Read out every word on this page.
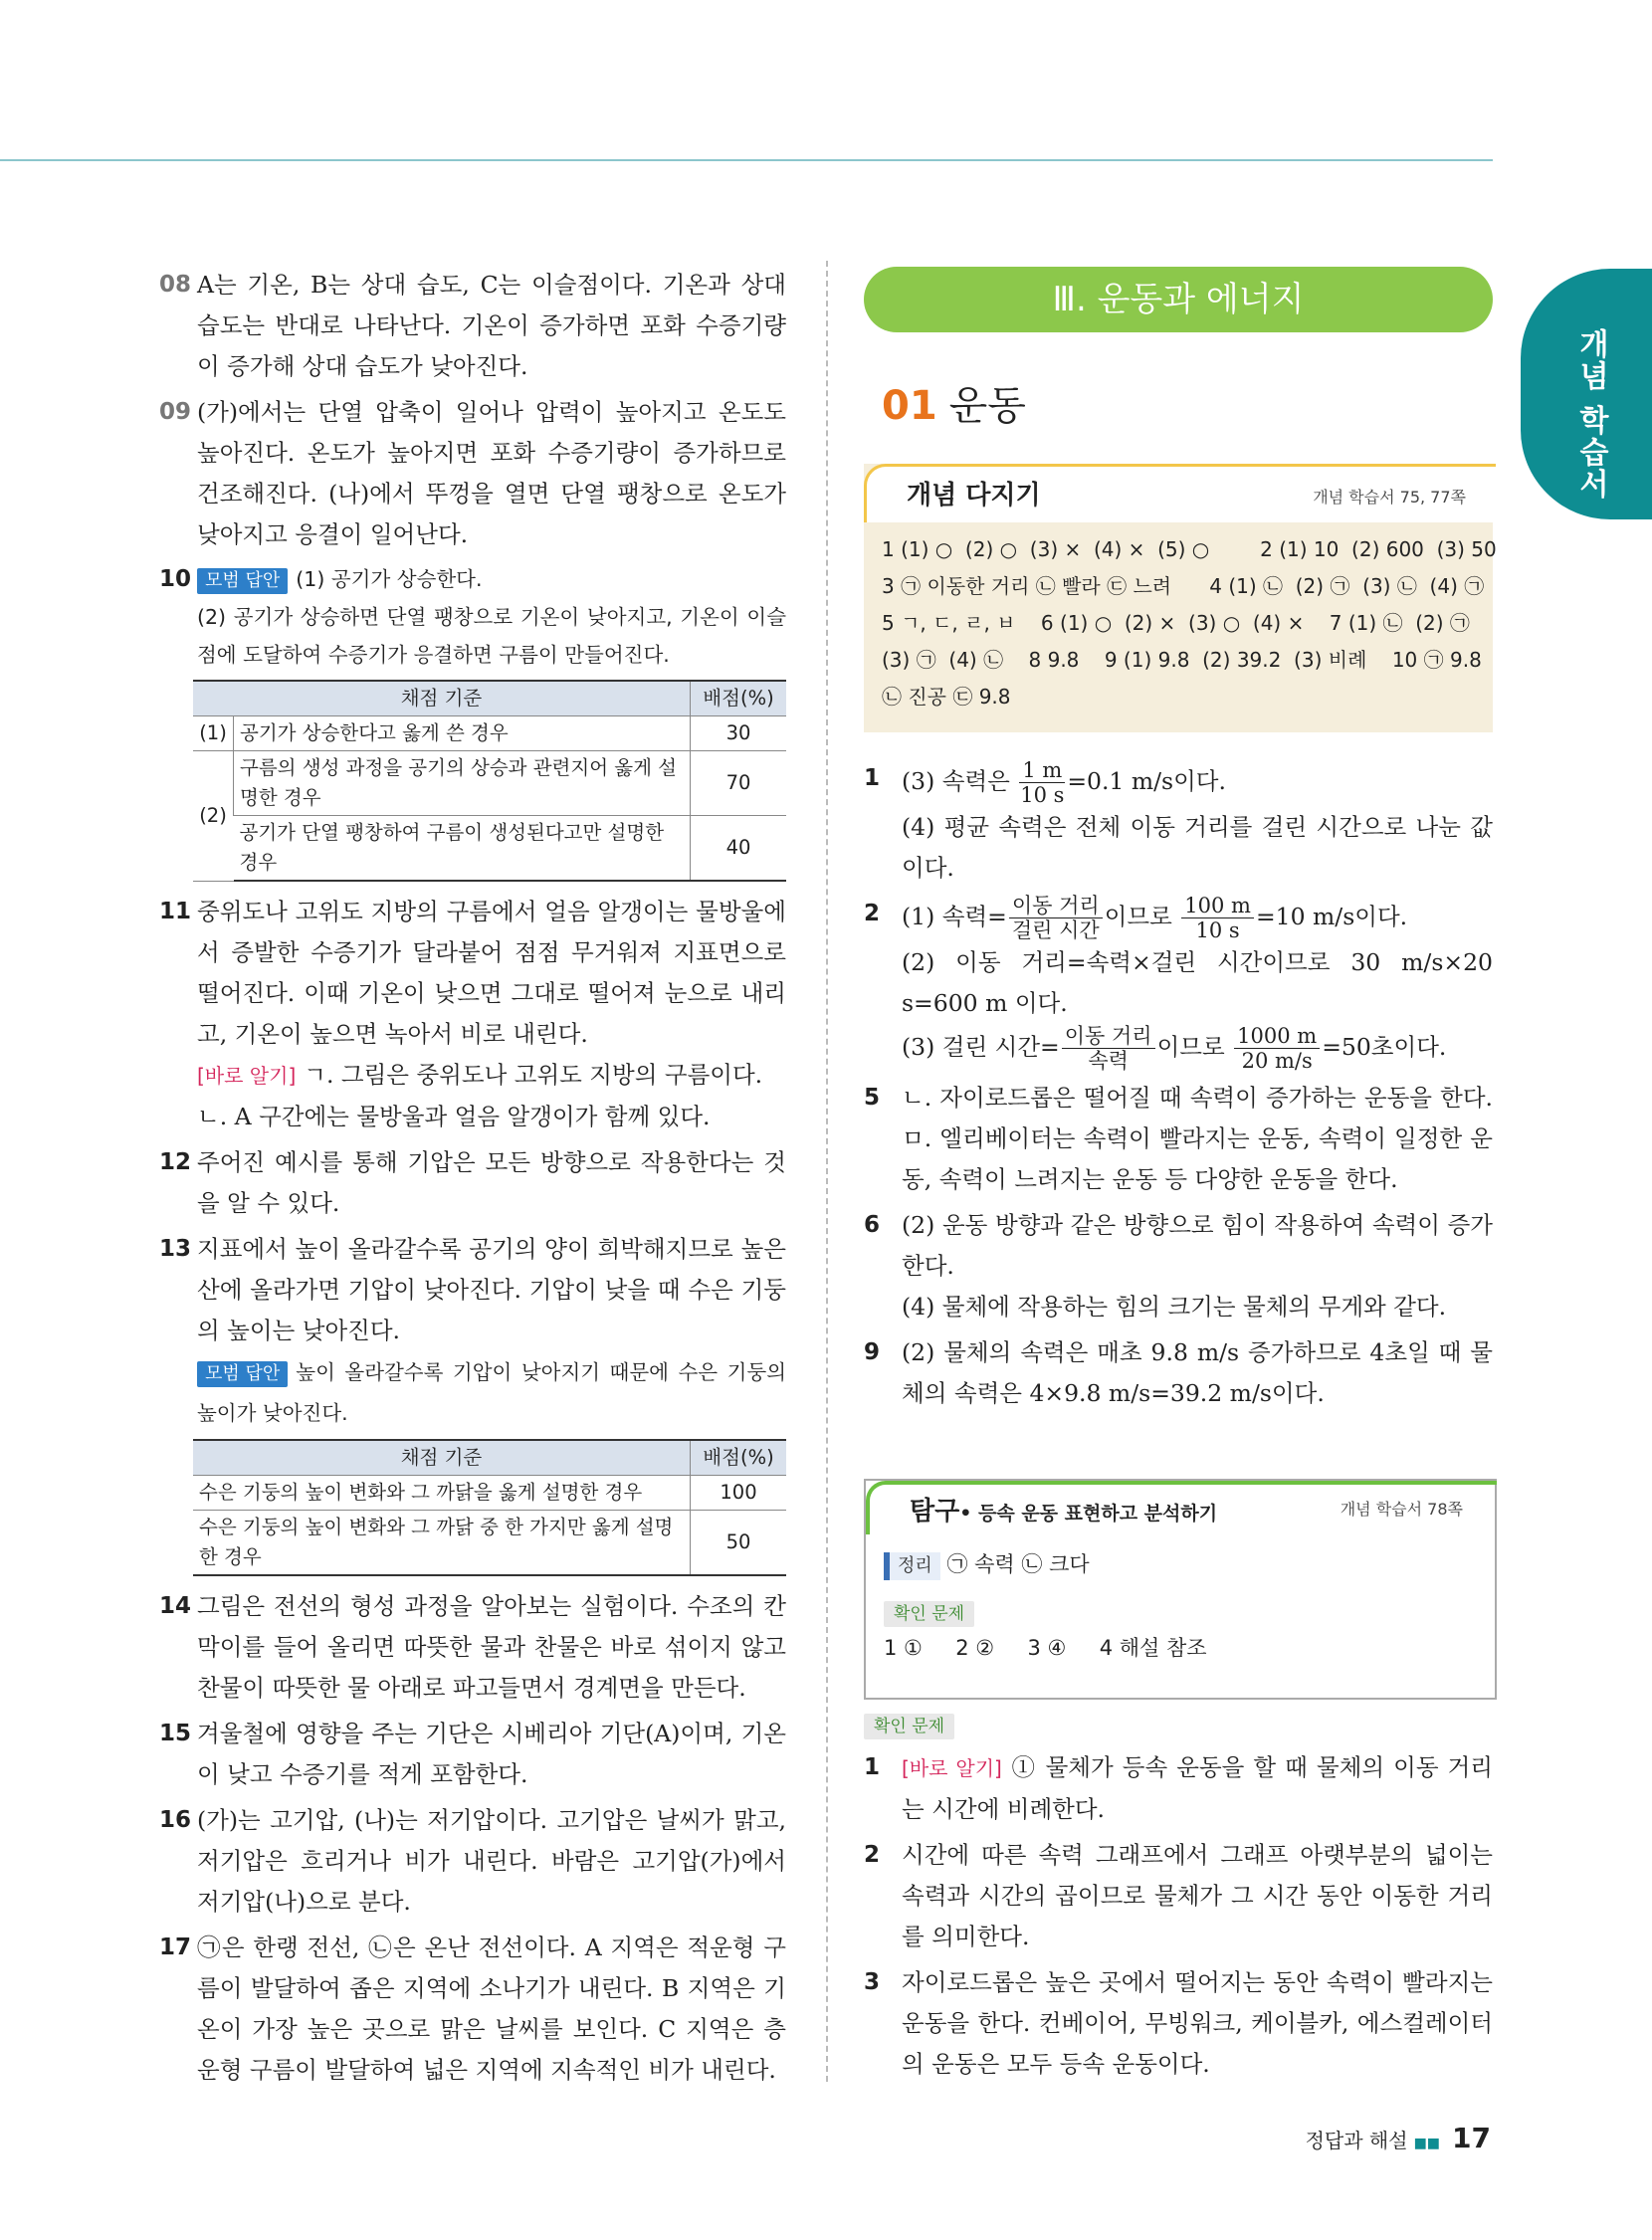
개념 학습서
08 A는 기온, B는 상대 습도, C는 이슬점이다. 기온과 상대 습도는 반대로 나타난다. 기온이 증가하면 포화 수증기량이 증가해 상대 습도가 낮아진다.
09 (가)에서는 단열 압축이 일어나 압력이 높아지고 온도도 높아진다. 온도가 높아지면 포화 수증기량이 증가하므로 건조해진다. (나)에서 뚜껑을 열면 단열 팽창으로 온도가 낮아지고 응결이 일어난다.
10 모범 답안 (1) 공기가 상승한다.

(2) 공기가 상승하면 단열 팽창으로 기온이 낮아지고, 기온이 이슬점에 도달하여 수증기가 응결하면 구름이 만들어진다.
채점 기준		배점(%)
(1)	공기가 상승한다고 옳게 쓴 경우	30
(2)	구름의 생성 과정을 공기의 상승과 관련지어 옳게 설명한 경우	70
	공기가 단열 팽창하여 구름이 생성된다고만 설명한 경우	40
11 중위도나 고위도 지방의 구름에서 얼음 알갱이는 물방울에서 증발한 수증기가 달라붙어 점점 무거워져 지표면으로 떨어진다. 이때 기온이 낮으면 그대로 떨어져 눈으로 내리고, 기온이 높으면 녹아서 비로 내린다.
[바로 알기] ㄱ. 그림은 중위도나 고위도 지방의 구름이다.
ㄴ. A 구간에는 물방울과 얼음 알갱이가 함께 있다.
12 주어진 예시를 통해 기압은 모든 방향으로 작용한다는 것을 알 수 있다.
13 지표에서 높이 올라갈수록 공기의 양이 희박해지므로 높은 산에 올라가면 기압이 낮아진다. 기압이 낮을 때 수은 기둥의 높이는 낮아진다.
모범 답안 높이 올라갈수록 기압이 낮아지기 때문에 수은 기둥의 높이가 낮아진다.
채점 기준	배점(%)
수은 기둥의 높이 변화와 그 까닭을 옳게 설명한 경우	100
수은 기둥의 높이 변화와 그 까닭 중 한 가지만 옳게 설명한 경우	50
14 그림은 전선의 형성 과정을 알아보는 실험이다. 수조의 칸막이를 들어 올리면 따뜻한 물과 찬물은 바로 섞이지 않고 찬물이 따뜻한 물 아래로 파고들면서 경계면을 만든다.
15 겨울철에 영향을 주는 기단은 시베리아 기단(A)이며, 기온이 낮고 수증기를 적게 포함한다.
16 (가)는 고기압, (나)는 저기압이다. 고기압은 날씨가 맑고, 저기압은 흐리거나 비가 내린다. 바람은 고기압(가)에서 저기압(나)으로 분다.
17 ㉠은 한랭 전선, ㉡은 온난 전선이다. A 지역은 적운형 구름이 발달하여 좁은 지역에 소나기가 내린다. B 지역은 기온이 가장 높은 곳으로 맑은 날씨를 보인다. C 지역은 층운형 구름이 발달하여 넓은 지역에 지속적인 비가 내린다.
Ⅲ. 운동과 에너지
01 운동
개념 다지기	개념 학습서 75, 77쪽
1 (1) ○  (2) ○  (3) ×  (4) ×  (5) ○        2 (1) 10  (2) 600  (3) 50
3 ㉠ 이동한 거리 ㉡ 빨라 ㉢ 느려      4 (1) ㉡  (2) ㉠  (3) ㉡  (4) ㉠
5 ㄱ, ㄷ, ㄹ, ㅂ    6 (1) ○  (2) ×  (3) ○  (4) ×    7 (1) ㉡  (2) ㉠
(3) ㉠  (4) ㉡    8 9.8    9 (1) 9.8  (2) 39.2  (3) 비례    10 ㉠ 9.8
㉡ 진공 ㉢ 9.8
1 (3) 속력은 $\frac{1 m}{10 s} =0.1$ m/s이다.
(4) 평균 속력은 전체 이동 거리를 걸린 시간으로 나눈 값이다.
2 (1) 속력= $\frac{\text{이동 거리}}{\text{걸린 시간}}$ 이므로 $\frac{100 m}{10 s} =10$ m/s이다.
(2) 이동 거리=속력×걸린 시간이므로 30 m/s×20 s=600 m 이다.
(3) 걸린 시간= $\frac{\text{이동 거리}}{\text{속력}}$ 이므로 $\frac{1000 m}{20 m/s} =50$초이다.
5 ㄴ. 자이로드롭은 떨어질 때 속력이 증가하는 운동을 한다. ㅁ. 엘리베이터는 속력이 빨라지는 운동, 속력이 일정한 운동, 속력이 느려지는 운동 등 다양한 운동을 한다.
6 (2) 운동 방향과 같은 방향으로 힘이 작용하여 속력이 증가한다.
(4) 물체에 작용하는 힘의 크기는 물체의 무게와 같다.
9 (2) 물체의 속력은 매초 9.8 m/s 증가하므로 4초일 때 물체의 속력은 4×9.8 m/s=39.2 m/s이다.
탐구• 등속 운동 표현하고 분석하기	개념 학습서 78쪽
정리 ㉠ 속력 ㉡ 크다
확인 문제
1 ①     2 ②     3 ④     4 해설 참조
확인 문제
1 [바로 알기] ① 물체가 등속 운동을 할 때 물체의 이동 거리는 시간에 비례한다.
2 시간에 따른 속력 그래프에서 그래프 아랫부분의 넓이는 속력과 시간의 곱이므로 물체가 그 시간 동안 이동한 거리를 의미한다.
3 자이로드롭은 높은 곳에서 떨어지는 동안 속력이 빨라지는 운동을 한다. 컨베이어, 무빙워크, 케이블카, 에스컬레이터의 운동은 모두 등속 운동이다.
정답과 해설 ■■ 17
